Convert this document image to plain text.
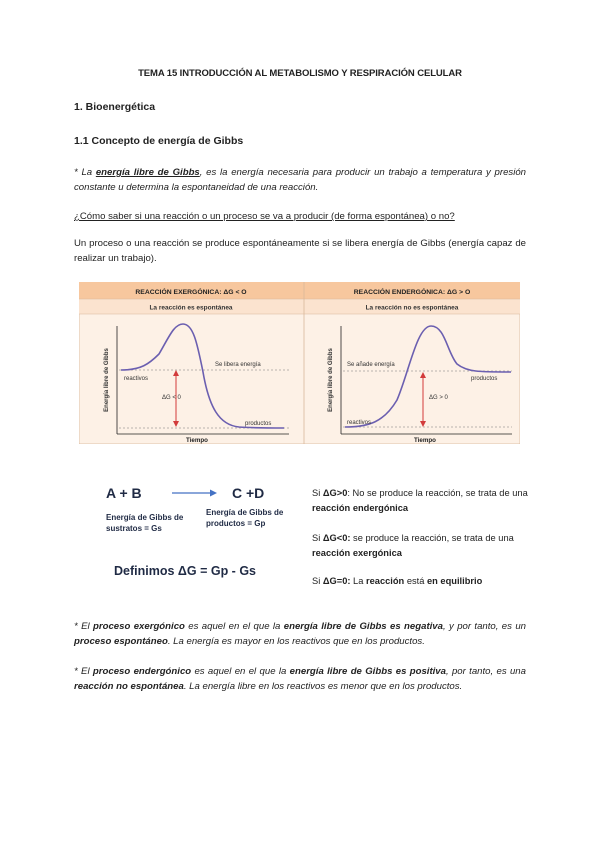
TEMA 15 INTRODUCCIÓN AL METABOLISMO Y RESPIRACIÓN CELULAR
1. Bioenergética
1.1 Concepto de energía de Gibbs
* La energía libre de Gibbs, es la energía necesaria para producir un trabajo a temperatura y presión constante u determina la espontaneidad de una reacción.
¿Cómo saber si una reacción o un proceso se va a producir (de forma espontánea) o no?
Un proceso o una reacción se produce espontáneamente si se libera energía de Gibbs (energía capaz de realizar un trabajo).
REACCIÓN EXERGÓNICA: ΔG < O	REACCIÓN ENDERGÓNICA: ΔG > O
La reacción es espontánea	La reacción no es espontánea
Energía libre de Gibbs
Tiempo
reactivos
productos
Se libera energía
ΔG < 0	Energía libre de Gibbs
Tiempo
reactivos
productos
Se añade energía
ΔG > 0
A + B → C +D
Energía de Gibbs de sustratos = Gs
Energía de Gibbs de productos = Gp
Definimos ΔG = Gp - Gs
Si ΔG>0: No se produce la reacción, se trata de una reacción endergónica
Si ΔG<0: se produce la reacción, se trata de una reacción exergónica
Si ΔG=0: La reacción está en equilibrio
* El proceso exergónico es aquel en el que la energía libre de Gibbs es negativa, y por tanto, es un proceso espontáneo. La energía es mayor en los reactivos que en los productos.
* El proceso endergónico es aquel en el que la energía libre de Gibbs es positiva, por tanto, es una reacción no espontánea. La energía libre en los reactivos es menor que en los productos.
